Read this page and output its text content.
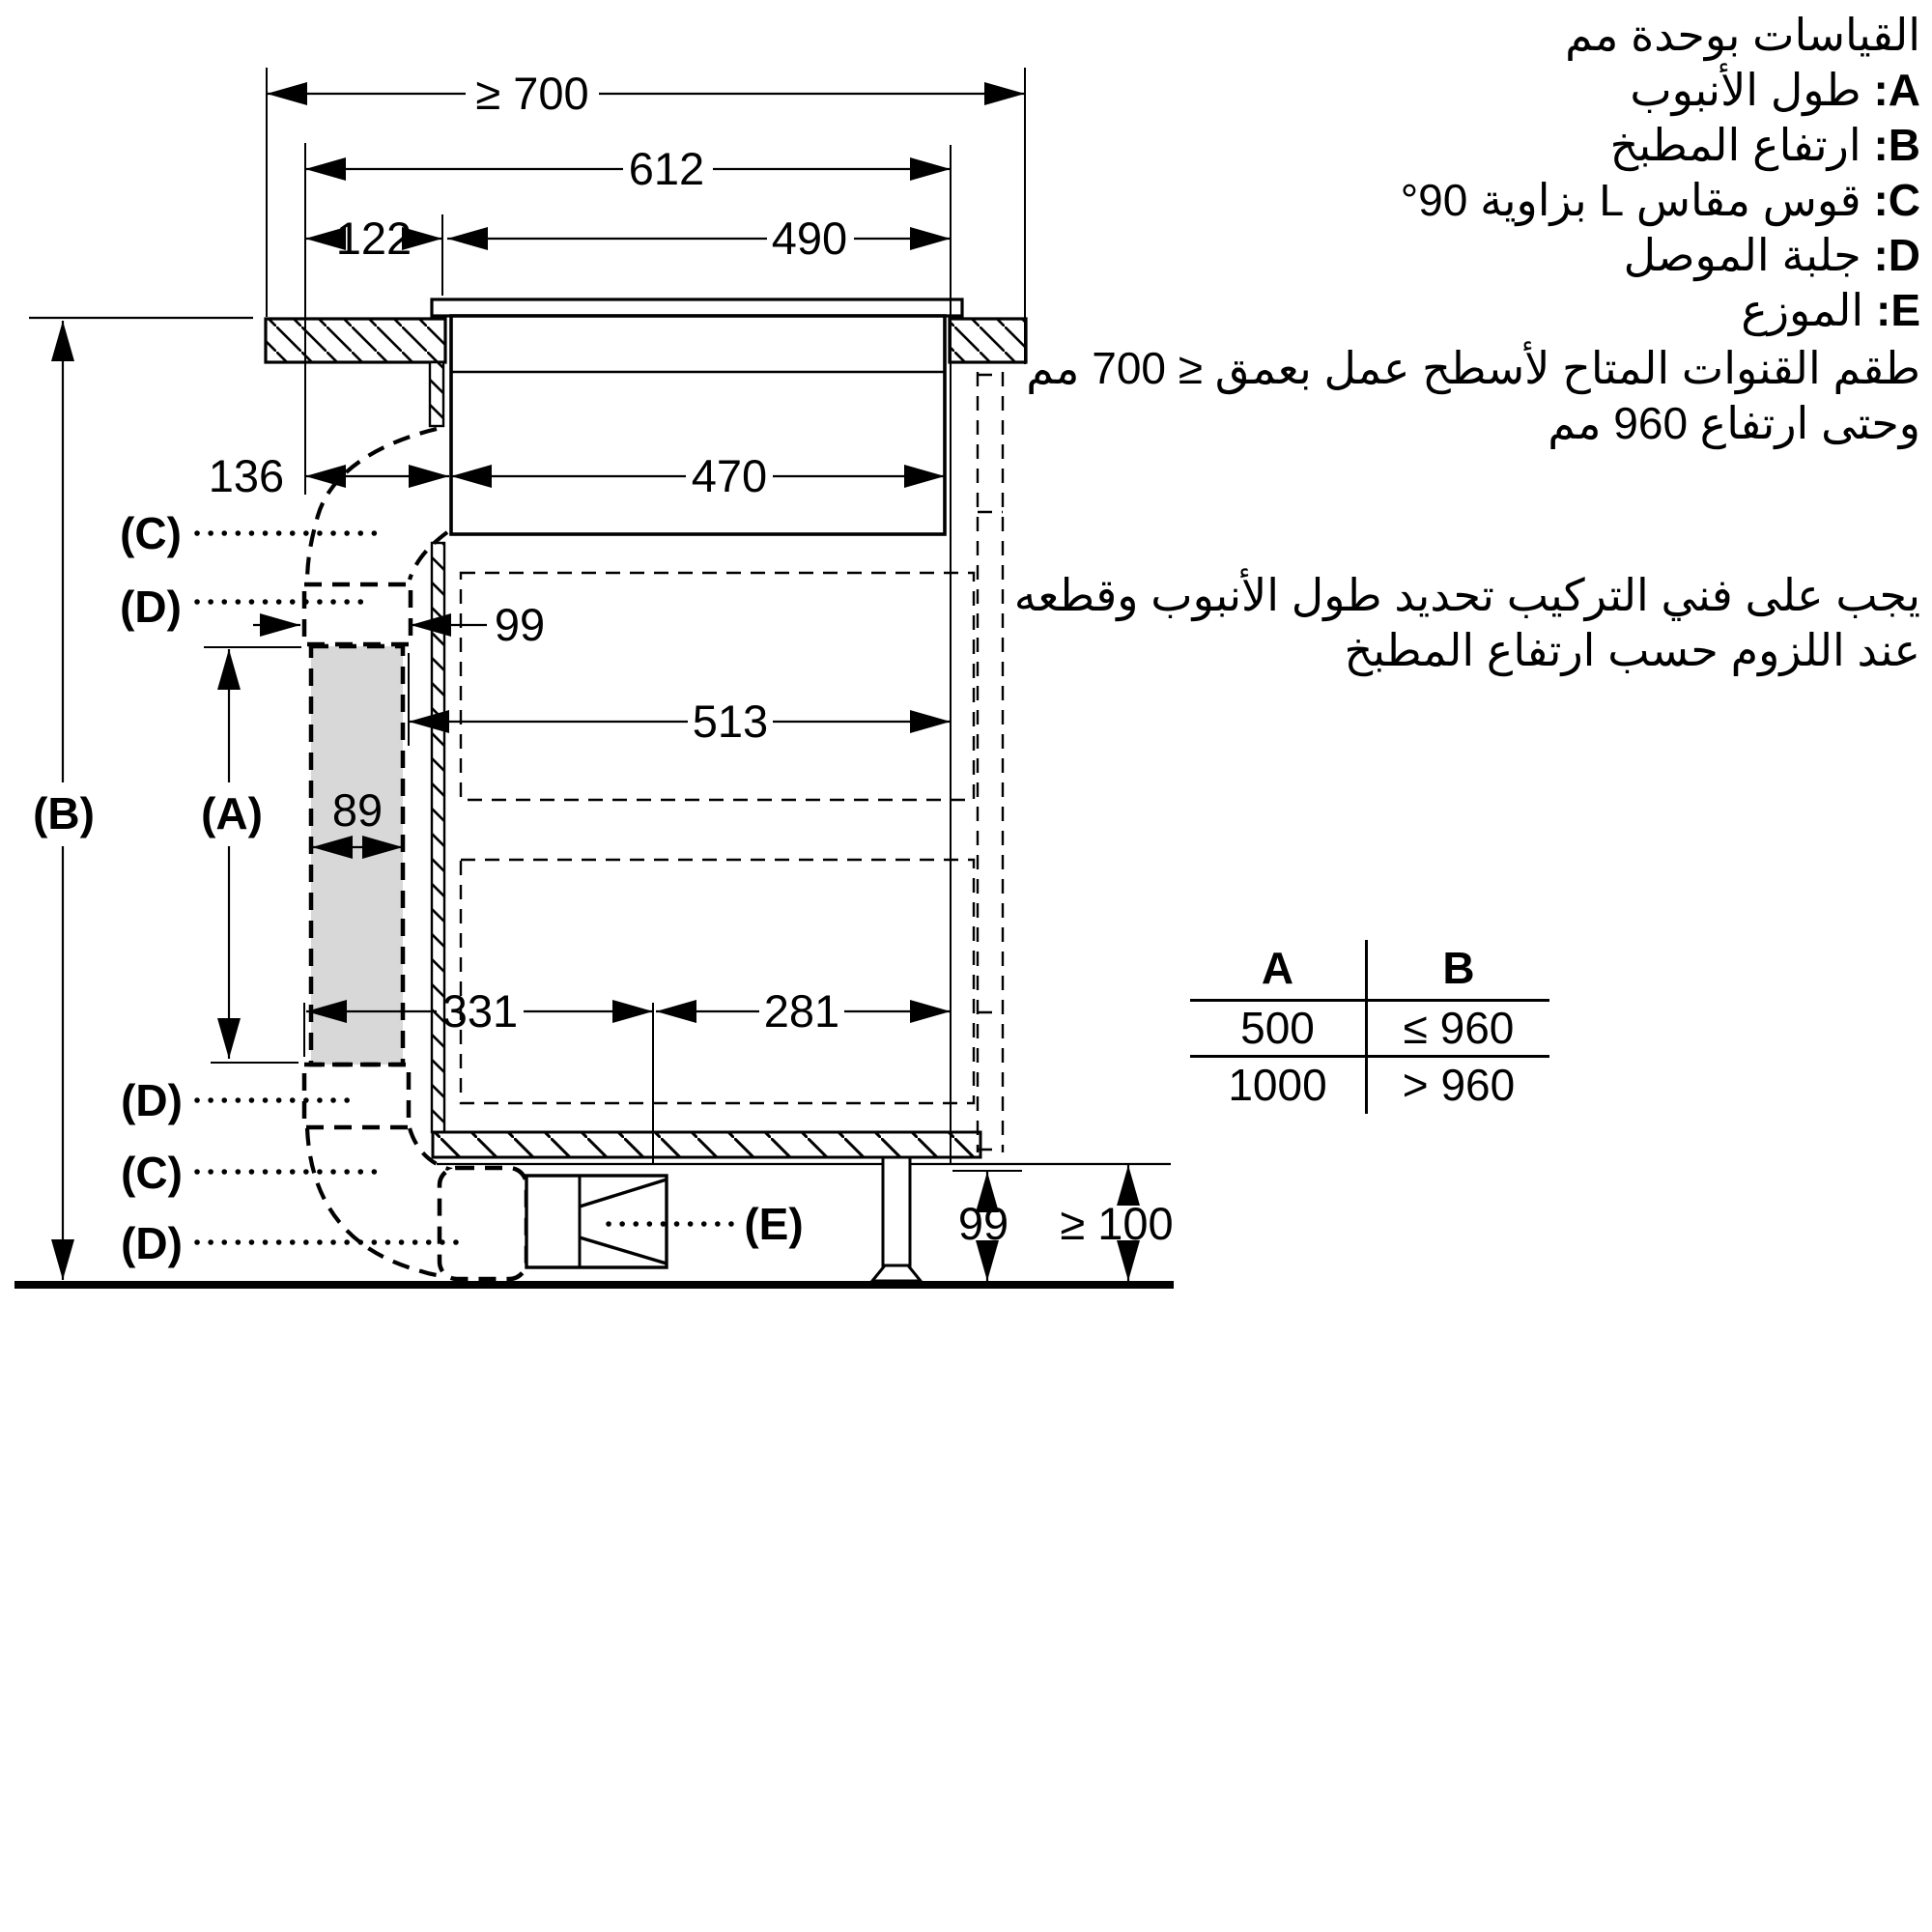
≥ 700
612
122	490
136	470
99
513
89
331	281
99 ≥ 100
(A)
(B)
(C)
(D)
(D)
(C)
(D)	(E)
القياسات بوحدة مم
A: طول الأنبوب
B: ارتفاع المطبخ
C: قوس مقاس L بزاوية 90°
D: جلبة الموصل
E: الموزع
طقم القنوات المتاح لأسطح عمل بعمق ≤ 700 مم
وحتى ارتفاع 960 مم
يجب على فني التركيب تحديد طول الأنبوب وقطعه
عند اللزوم حسب ارتفاع المطبخ
A	B
500	≤ 960
1000	> 960
